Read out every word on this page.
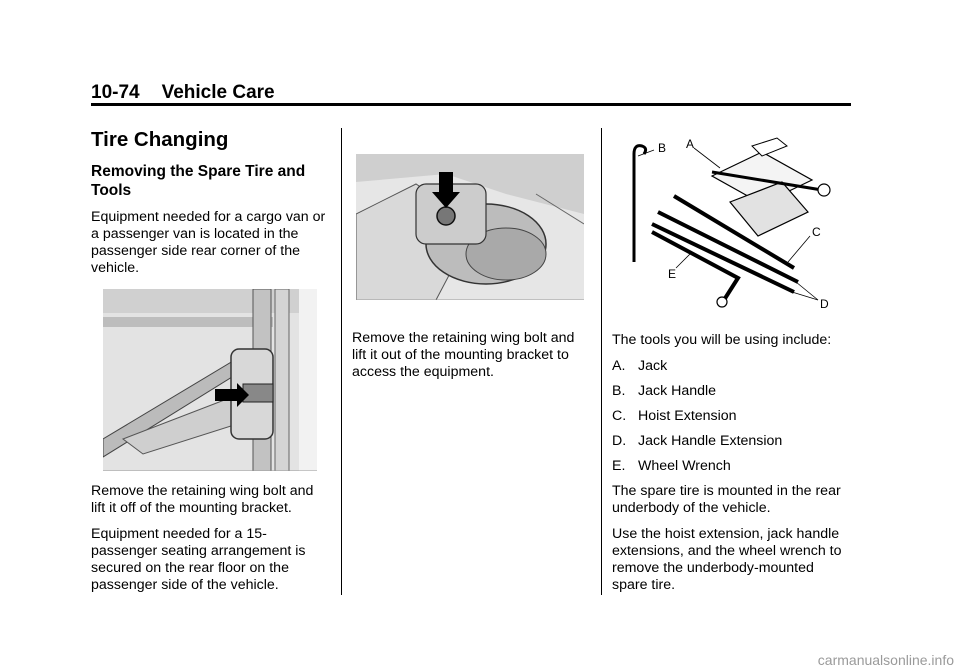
10-74 Vehicle Care
Tire Changing
Removing the Spare Tire and Tools

Equipment needed for a cargo van or a passenger van is located in the passenger side rear corner of the vehicle.

Remove the retaining wing bolt and lift it off of the mounting bracket.

Equipment needed for a 15-passenger seating arrangement is secured on the rear floor on the passenger side of the vehicle.

Remove the retaining wing bolt and lift it out of the mounting bracket to access the equipment.

B A
C
D
E

The tools you will be using include:

A. Jack

B. Jack Handle

C. Hoist Extension

D. Jack Handle Extension

E. Wheel Wrench

The spare tire is mounted in the rear underbody of the vehicle.

Use the hoist extension, jack handle extensions, and the wheel wrench to remove the underbody-mounted spare tire.

carmanualsonline.info
